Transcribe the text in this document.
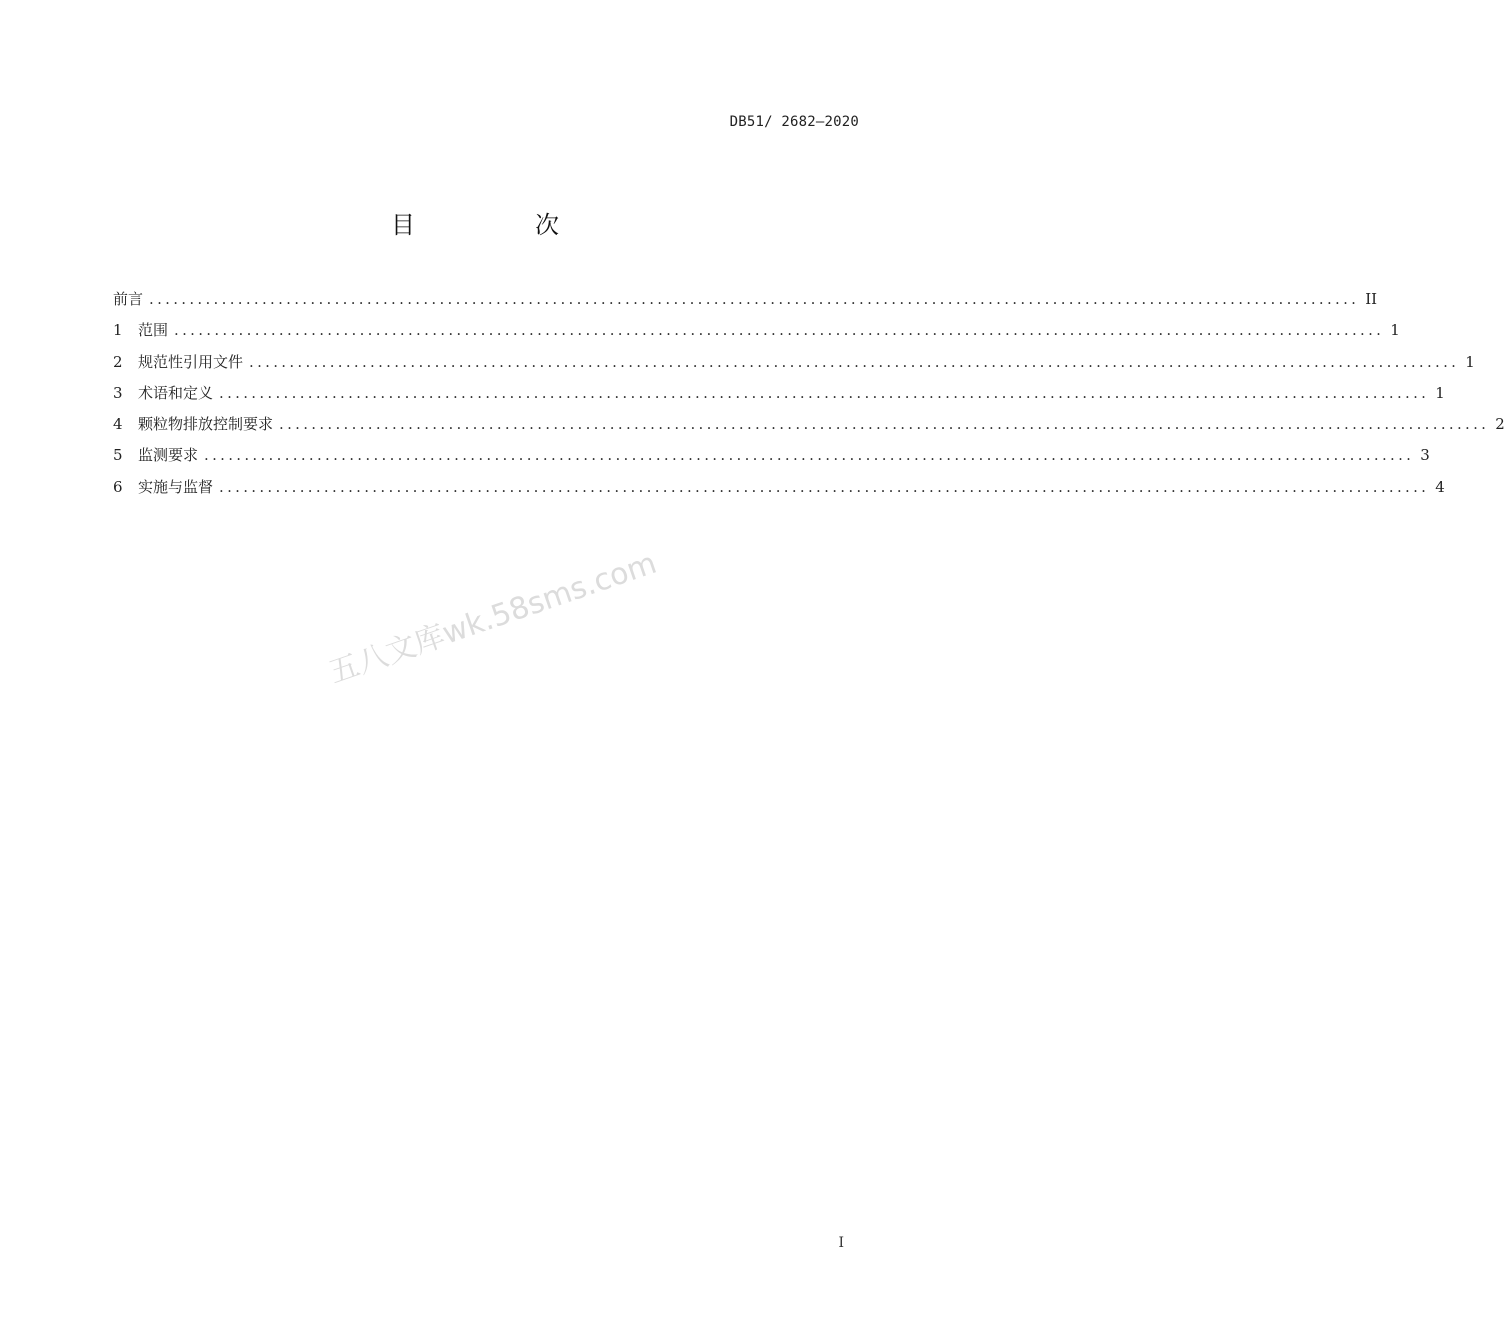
DB51/ 2682—2020
目　次
前言 ...................................................................................................................................................... II
1	范围 ...................................................................................................................................................... 1
2	规范性引用文件 ...................................................................................................................................................... 1
3	术语和定义 ...................................................................................................................................................... 1
4	颗粒物排放控制要求 ...................................................................................................................................................... 2
5	监测要求 ...................................................................................................................................................... 3
6	实施与监督 ...................................................................................................................................................... 4
五八文库wk.58sms.com
I
